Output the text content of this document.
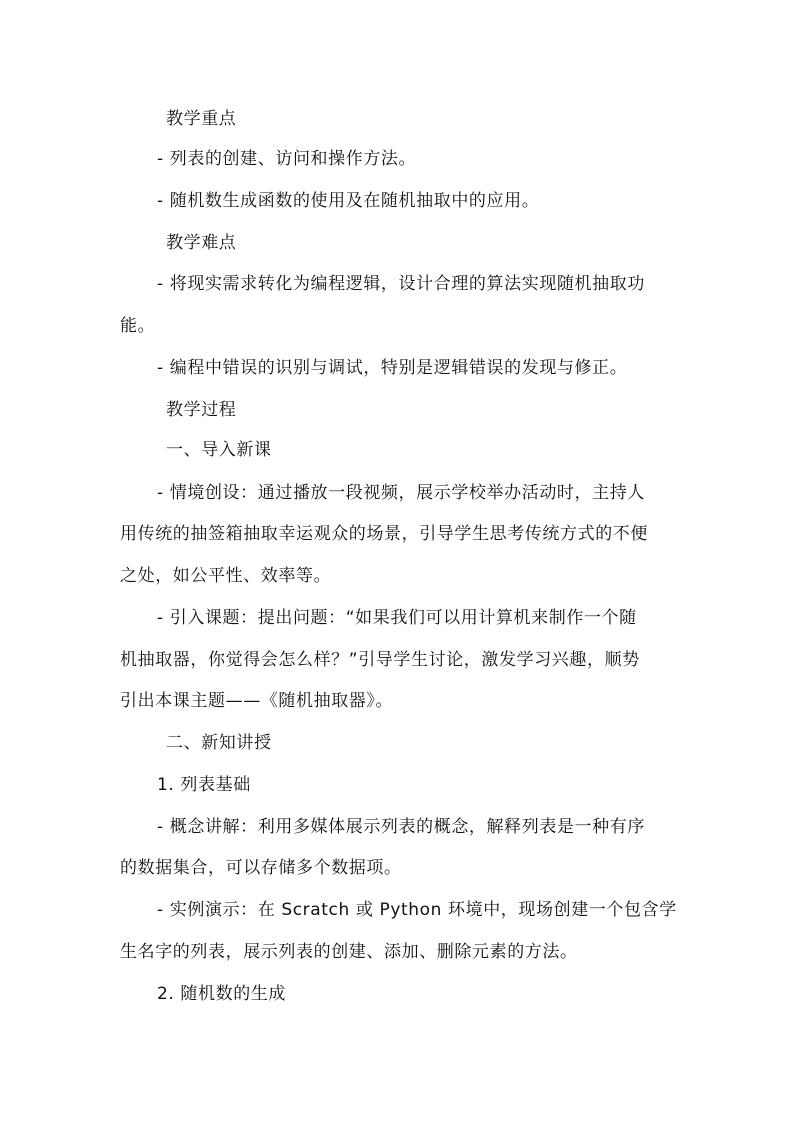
教学重点
- 列表的创建、访问和操作方法。
- 随机数生成函数的使用及在随机抽取中的应用。
教学难点
- 将现实需求转化为编程逻辑，设计合理的算法实现随机抽取功
能。
- 编程中错误的识别与调试，特别是逻辑错误的发现与修正。
教学过程
一、导入新课
- 情境创设：通过播放一段视频，展示学校举办活动时，主持人
用传统的抽签箱抽取幸运观众的场景，引导学生思考传统方式的不便
之处，如公平性、效率等。
- 引入课题：提出问题：“如果我们可以用计算机来制作一个随
机抽取器，你觉得会怎么样？”引导学生讨论，激发学习兴趣，顺势
引出本课主题——《随机抽取器》。
二、新知讲授
1. 列表基础
- 概念讲解：利用多媒体展示列表的概念，解释列表是一种有序
的数据集合，可以存储多个数据项。
- 实例演示：在 Scratch 或 Python 环境中，现场创建一个包含学
生名字的列表，展示列表的创建、添加、删除元素的方法。
2. 随机数的生成
